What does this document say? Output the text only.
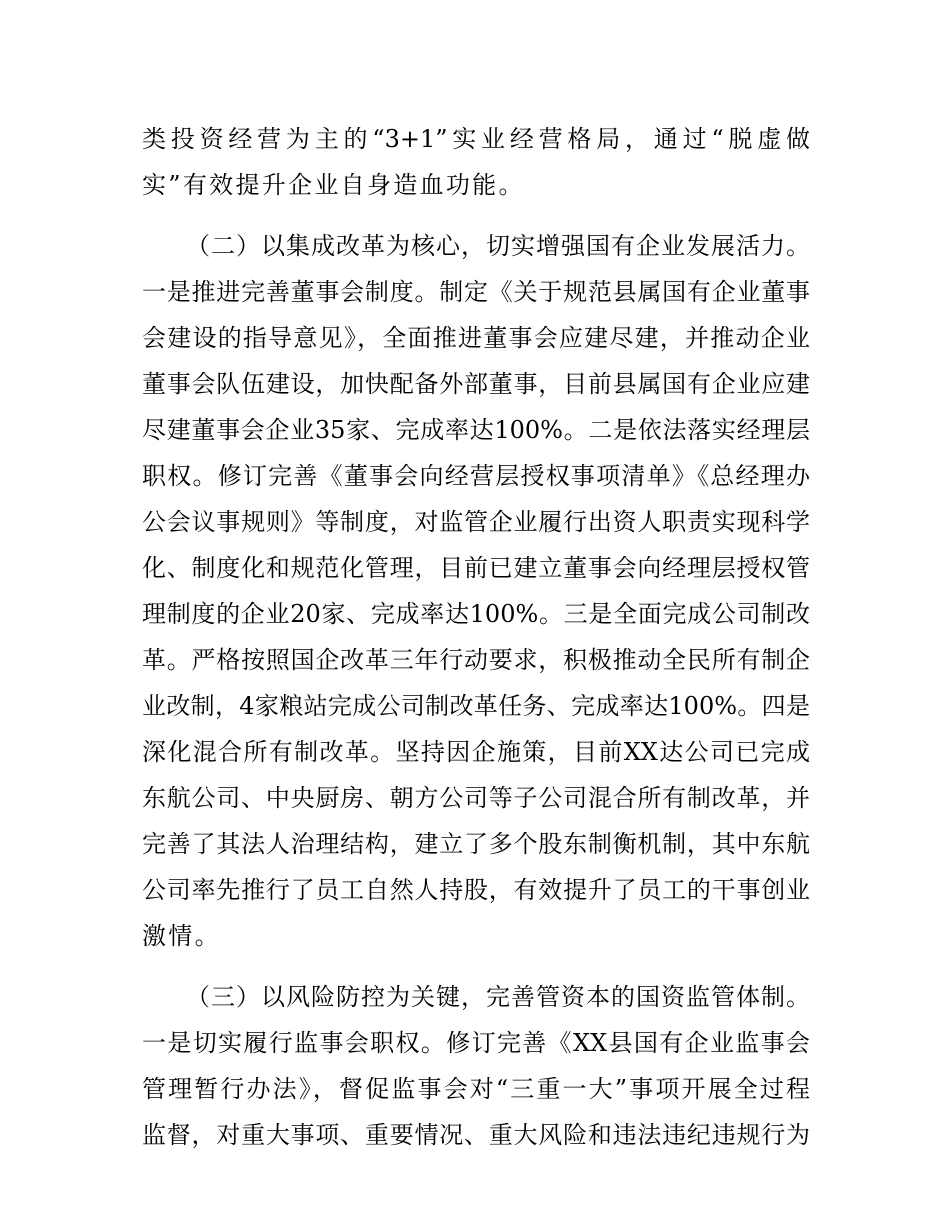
类投资经营为主的“3+1”实业经营格局，通过“脱虚做
实”有效提升企业自身造血功能。
（二）以集成改革为核心，切实增强国有企业发展活力。
一是推进完善董事会制度。制定《关于规范县属国有企业董事
会建设的指导意见》，全面推进董事会应建尽建，并推动企业
董事会队伍建设，加快配备外部董事，目前县属国有企业应建
尽建董事会企业35家、完成率达100%。二是依法落实经理层
职权。修订完善《董事会向经营层授权事项清单》《总经理办
公会议事规则》等制度，对监管企业履行出资人职责实现科学
化、制度化和规范化管理，目前已建立董事会向经理层授权管
理制度的企业20家、完成率达100%。三是全面完成公司制改
革。严格按照国企改革三年行动要求，积极推动全民所有制企
业改制，4家粮站完成公司制改革任务、完成率达100%。四是
深化混合所有制改革。坚持因企施策，目前XX达公司已完成
东航公司、中央厨房、朝方公司等子公司混合所有制改革，并
完善了其法人治理结构，建立了多个股东制衡机制，其中东航
公司率先推行了员工自然人持股，有效提升了员工的干事创业
激情。
（三）以风险防控为关键，完善管资本的国资监管体制。
一是切实履行监事会职权。修订完善《XX县国有企业监事会
管理暂行办法》，督促监事会对“三重一大”事项开展全过程
监督，对重大事项、重要情况、重大风险和违法违纪违规行为
